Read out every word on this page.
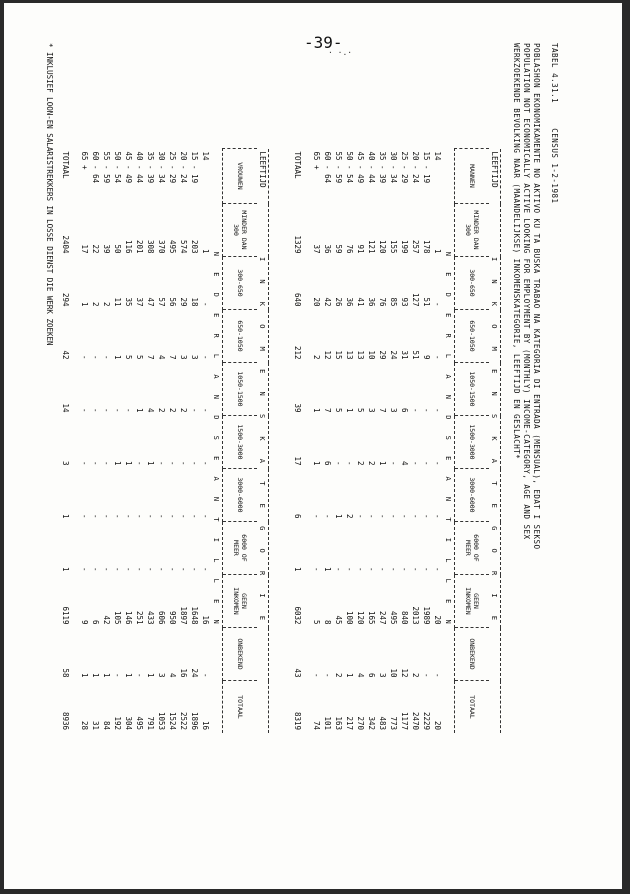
-39-
· ·.·	TABEL 4.31.1     CENSUS 1-2-1981
POBLASHON EKONOMIKAMENTE NO AKTIVO KU TA BUSKA TRABAO NA KATEGORIA DI ENTRADA (MENSUAL), EDAT I SEKSO
POPULATION NOT ECONOMICALLY ACTIVE LOOKING FOR EMPLOYMENT BY (MONTHLY) INCOME-CATEGORY, AGE AND SEX
WERKZOEKENDE BEVOLKING NAAR (MAANDELIJKSE) INKOMENSKATEGORIE, LEEFTIJD EN GESLACHT*
LEEFTIJD	I N K O M E N S K A T E G O R I E									
MANNEN	MINDER DAN 300	300-650	650-1050	1050-1500	1500-3000	3000-6000	6000 OF MEER	GEEN INKOMEN	ONBEKEND	TOTAAL
N E D E R L A N D S E A N T I L L E N										
14	1	-	-	-	-	-	-	20	-	20
15 - 19	178	51	9	-	-	-	-	1989	-	2229
20 - 24	257	127	51	-	-	-	-	2013	2	2470
25 - 29	199	93	31	6	4	-	-	840	12	1177
30 - 34	155	85	24	3	-	-	-	495	10	773
35 - 39	120	76	29	7	1	-	-	247	3	483
40 - 44	121	36	10	3	2	-	-	165	6	342
45 - 49	91	41	13	5	2	-	-	120	4	270
50 - 54	76	36	13	1	-	2	-	100	1	217
55 - 59	59	26	15	5	-	1	-	45	2	163
60 - 64	36	42	12	7	6	-	1	8	-	101
65 +	37	20	2	1	1	-	-	5	-	74
TOTAAL	1329	640	212	39	17	6	1	6032	43	8319
LEEFTIJD	I N K O M E N S K A T E G O R I E									
VROUWEN	MINDER DAN 300	300-650	650-1050	1050-1500	1500-3000	3000-6000	6000 OF MEER	GEEN INKOMEN	ONBEKEND	TOTAAL
N E D E R L A N D S E A N T I L L E N										
14	1	-	-	-	-	-	-	16	-	16
15 - 19	203	18	3	-	-	-	-	1648	24	1896
20 - 24	574	29	3	2	-	-	-	1897	16	2522
25 - 29	495	56	7	2	-	-	-	950	4	1524
30 - 34	370	57	4	2	-	-	-	606	3	1053
35 - 39	308	47	7	4	1	-	-	433	1	791
40 - 44	201	37	5	1	-	-	-	251	-	495
45 - 49	116	35	5	-	1	-	-	146	1	304
50 - 54	50	11	1	-	1	-	-	105	-	192
55 - 59	39	2	-	-	-	-	-	42	1	84
60 - 64	22	2	-	-	-	-	-	6	1	31
65 +	17	1	-	-	-	-	-	9	1	28
TOTAAL	2404	294	42	14	3	1	1	6119	58	8936
* INKLUSIEF LOON-EN SALARISTREKKERS IN LOSSE DIENST DIE WERK ZOEKEN
